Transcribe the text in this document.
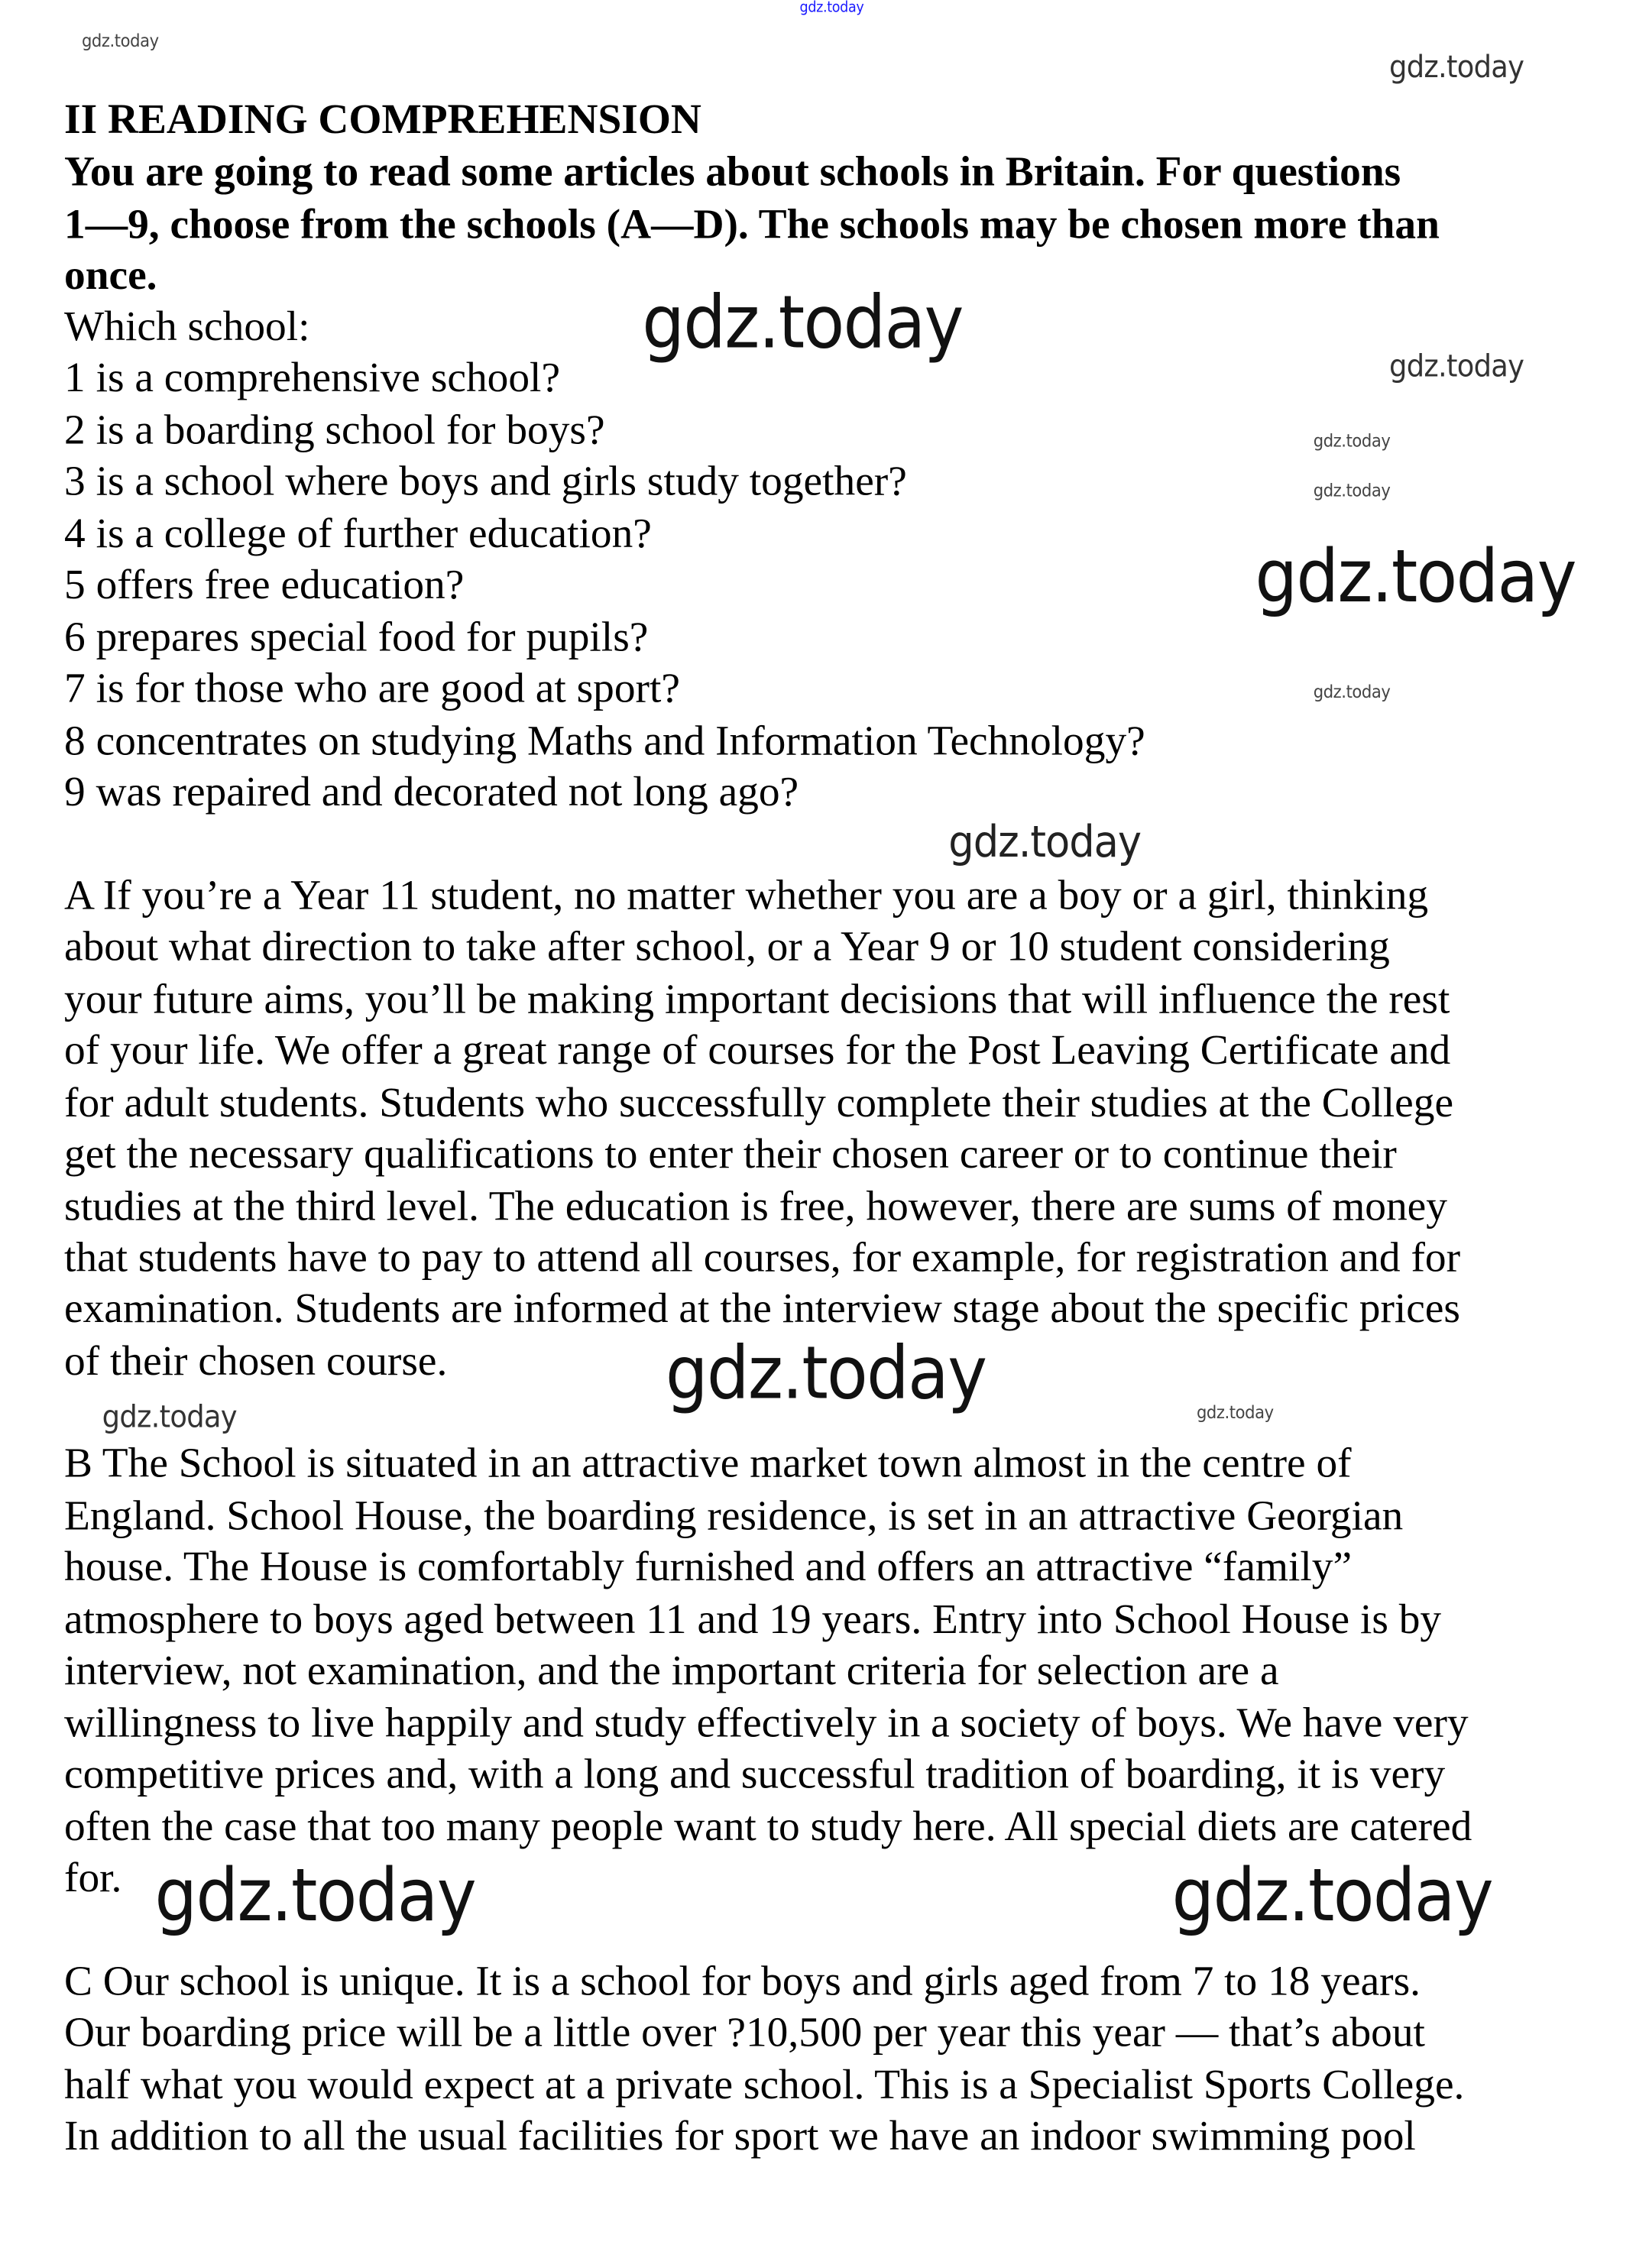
gdz.today
II READING COMPREHENSION
You are going to read some articles about schools in Britain. For questions
1—9, choose from the schools (A—D). The schools may be chosen more than
once.
Which school:
1 is a comprehensive school?
2 is a boarding school for boys?
3 is a school where boys and girls study together?
4 is a college of further education?
5 offers free education?
6 prepares special food for pupils?
7 is for those who are good at sport?
8 concentrates on studying Maths and Information Technology?
9 was repaired and decorated not long ago?
A If you’re a Year 11 student, no matter whether you are a boy or a girl, thinking
about what direction to take after school, or a Year 9 or 10 student considering
your future aims, you’ll be making important decisions that will influence the rest
of your life. We offer a great range of courses for the Post Leaving Certificate and
for adult students. Students who successfully complete their studies at the College
get the necessary qualifications to enter their chosen career or to continue their
studies at the third level. The education is free, however, there are sums of money
that students have to pay to attend all courses, for example, for registration and for
examination. Students are informed at the interview stage about the specific prices
of their chosen course.
B The School is situated in an attractive market town almost in the centre of
England. School House, the boarding residence, is set in an attractive Georgian
house. The House is comfortably furnished and offers an attractive “family”
atmosphere to boys aged between 11 and 19 years. Entry into School House is by
interview, not examination, and the important criteria for selection are a
willingness to live happily and study effectively in a society of boys. We have very
competitive prices and, with a long and successful tradition of boarding, it is very
often the case that too many people want to study here. All special diets are catered
for.
C Our school is unique. It is a school for boys and girls aged from 7 to 18 years.
Our boarding price will be a little over ?10,500 per year this year — that’s about
half what you would expect at a private school. This is a Specialist Sports College.
In addition to all the usual facilities for sport we have an indoor swimming pool
gdz.today
gdz.today
gdz.today
gdz.today
gdz.today
gdz.today
gdz.today
gdz.today
gdz.today
gdz.today
gdz.today
gdz.today
gdz.today	gdz.today
